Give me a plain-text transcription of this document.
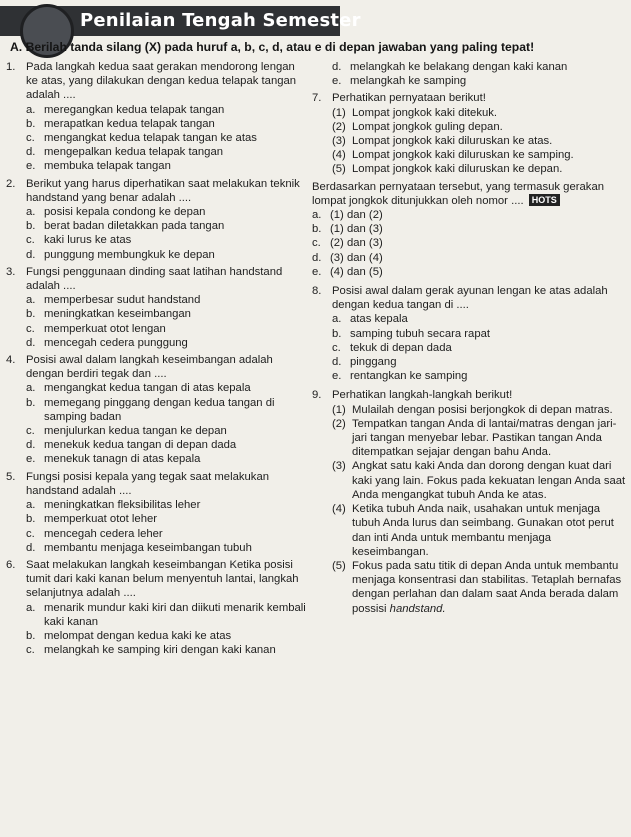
Penilaian Tengah Semester
A. Berilah tanda silang (X) pada huruf a, b, c, d, atau e di depan jawaban yang paling tepat!
1. Pada langkah kedua saat gerakan mendorong lengan ke atas, yang dilakukan dengan kedua telapak tangan adalah ....
a. meregangkan kedua telapak tangan
b. merapatkan kedua telapak tangan
c. mengangkat kedua telapak tangan ke atas
d. mengepalkan kedua telapak tangan
e. membuka telapak tangan
2. Berikut yang harus diperhatikan saat melakukan teknik handstand yang benar adalah ....
a. posisi kepala condong ke depan
b. berat badan diletakkan pada tangan
c. kaki lurus ke atas
d. punggung membungkuk ke depan
3. Fungsi penggunaan dinding saat latihan handstand adalah ....
a. memperbesar sudut handstand
b. meningkatkan keseimbangan
c. memperkuat otot lengan
d. mencegah cedera punggung
4. Posisi awal dalam langkah keseimbangan adalah dengan berdiri tegak dan ....
a. mengangkat kedua tangan di atas kepala
b. memegang pinggang dengan kedua tangan di samping badan
c. menjulurkan kedua tangan ke depan
d. menekuk kedua tangan di depan dada
e. menekuk tanagn di atas kepala
5. Fungsi posisi kepala yang tegak saat melakukan handstand adalah ....
a. meningkatkan fleksibilitas leher
b. memperkuat otot leher
c. mencegah cedera leher
d. membantu menjaga keseimbangan tubuh
6. Saat melakukan langkah keseimbangan Ketika posisi tumit dari kaki kanan belum menyentuh lantai, langkah selanjutnya adalah ....
a. menarik mundur kaki kiri dan diikuti menarik kembali kaki kanan
b. melompat dengan kedua kaki ke atas
c. melangkah ke samping kiri dengan kaki kanan
d. melangkah ke belakang dengan kaki kanan
e. melangkah ke samping
7. Perhatikan pernyataan berikut!
(1) Lompat jongkok kaki ditekuk.
(2) Lompat jongkok guling depan.
(3) Lompat jongkok kaki diluruskan ke atas.
(4) Lompat jongkok kaki diluruskan ke samping.
(5) Lompat jongkok kaki diluruskan ke depan.
Berdasarkan pernyataan tersebut, yang termasuk gerakan lompat jongkok ditunjukkan oleh nomor .... HOTS
a. (1) dan (2)
b. (1) dan (3)
c. (2) dan (3)
d. (3) dan (4)
e. (4) dan (5)
8. Posisi awal dalam gerak ayunan lengan ke atas adalah dengan kedua tangan di ....
a. atas kepala
b. samping tubuh secara rapat
c. tekuk di depan dada
d. pinggang
e. rentangkan ke samping
9. Perhatikan langkah-langkah berikut!
(1) Mulailah dengan posisi berjongkok di depan matras.
(2) Tempatkan tangan Anda di lantai/matras dengan jari-jari tangan menyebar lebar. Pastikan tangan Anda ditempatkan sejajar dengan bahu Anda.
(3) Angkat satu kaki Anda dan dorong dengan kuat dari kaki yang lain. Fokus pada kekuatan lengan Anda saat Anda mengangkat tubuh Anda ke atas.
(4) Ketika tubuh Anda naik, usahakan untuk menjaga tubuh Anda lurus dan seimbang. Gunakan otot perut dan inti Anda untuk membantu menjaga keseimbangan.
(5) Fokus pada satu titik di depan Anda untuk membantu menjaga konsentrasi dan stabilitas. Tetaplah bernafas dengan perlahan dan dalam saat Anda berada dalam possisi handstand.
